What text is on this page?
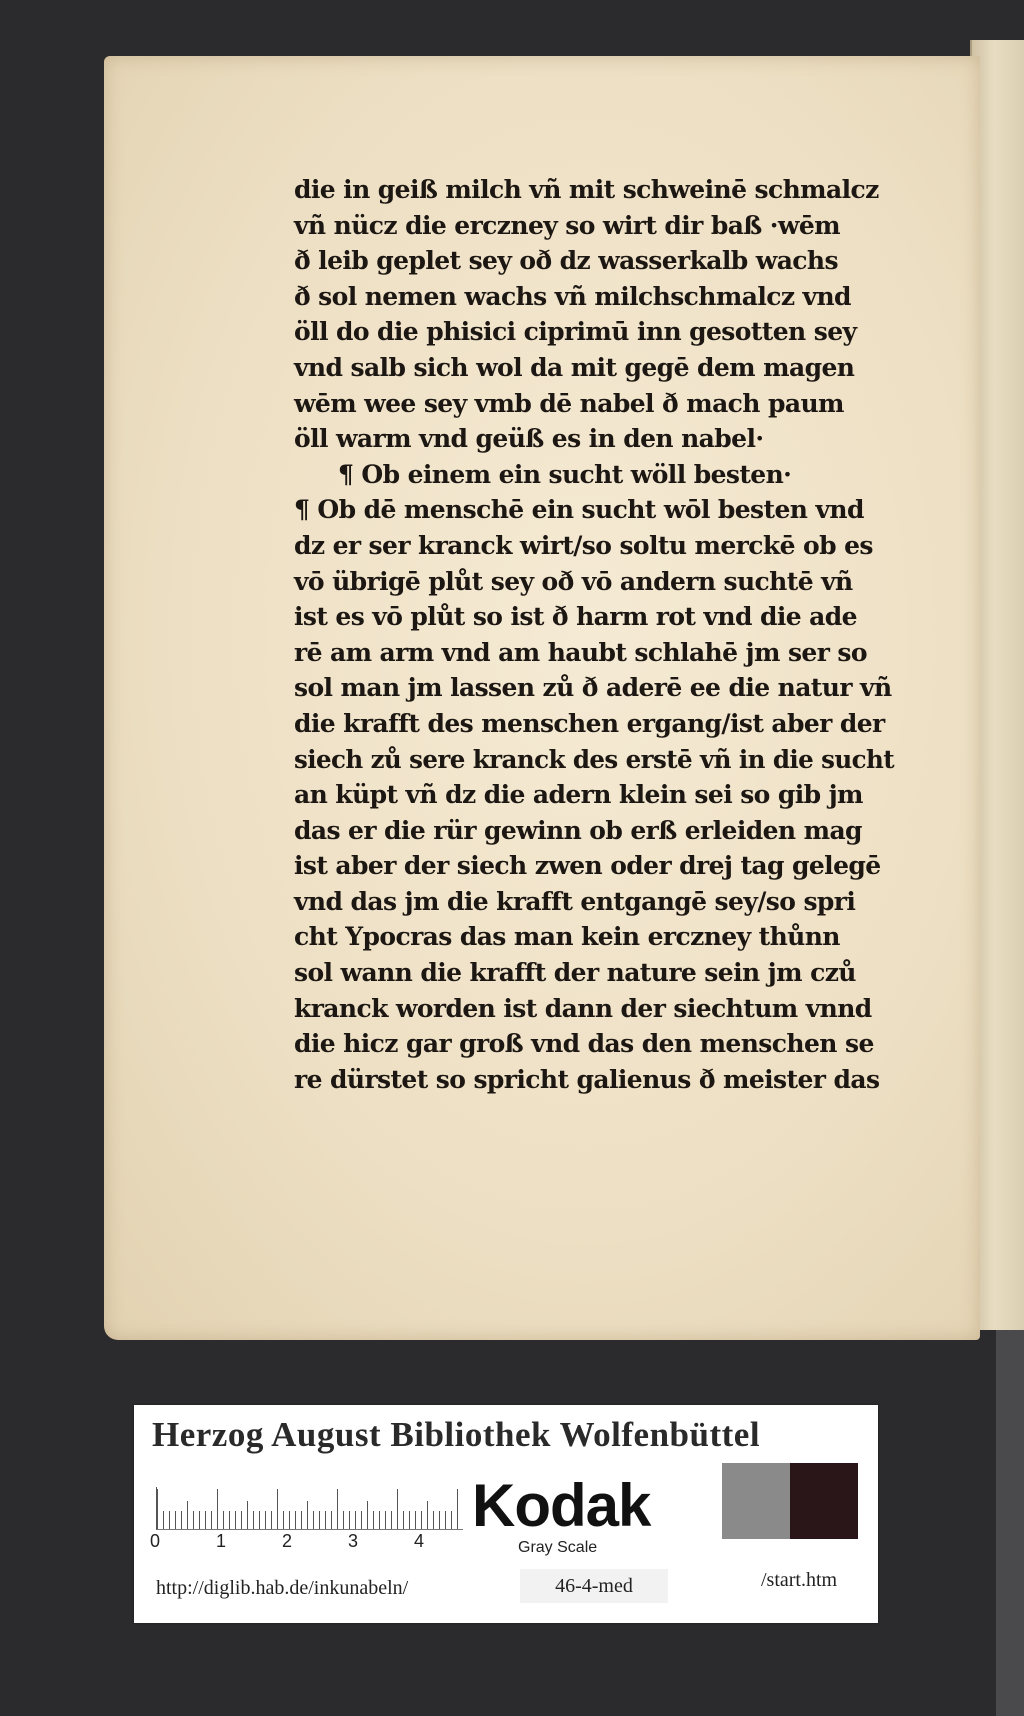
die in geiß milch vñ mit schweinē schmalcz
vñ nücz die erczney so wirt dir baß ·wēm
ð leib geplet sey oð dz wasserkalb wachs
ð sol nemen wachs vñ milchschmalcz vnd
öll do die phisici ciprimū inn gesotten sey
vnd salb sich wol da mit gegē dem magen
wēm wee sey vmb dē nabel ð mach paum
öll warm vnd geüß es in den nabel·
¶ Ob einem ein sucht wöll besten·
¶ Ob dē menschē ein sucht wōl besten vnd
dz er ser kranck wirt/so soltu merckē ob es
vō übrigē plůt sey oð vō andern suchtē vñ
ist es vō plůt so ist ð harm rot vnd die ade
rē am arm vnd am haubt schlahē jm ser so
sol man jm lassen zů ð aderē ee die natur vñ
die krafft des menschen ergang/ist aber der
siech zů sere kranck des erstē vñ in die sucht
an küpt vñ dz die adern klein sei so gib jm
das er die rür gewinn ob erß erleiden mag
ist aber der siech zwen oder drej tag gelegē
vnd das jm die krafft entgangē sey/so spri
cht Ypocras das man kein erczney thůnn
sol wann die krafft der nature sein jm czů
kranck worden ist dann der siechtum vnnd
die hicz gar groß vnd das den menschen se
re dürstet so spricht galienus ð meister das
Herzog August Bibliothek Wolfenbüttel
0	1	2	3	4
Kodak
Gray Scale
http://diglib.hab.de/inkunabeln/	46-4-med	/start.htm
